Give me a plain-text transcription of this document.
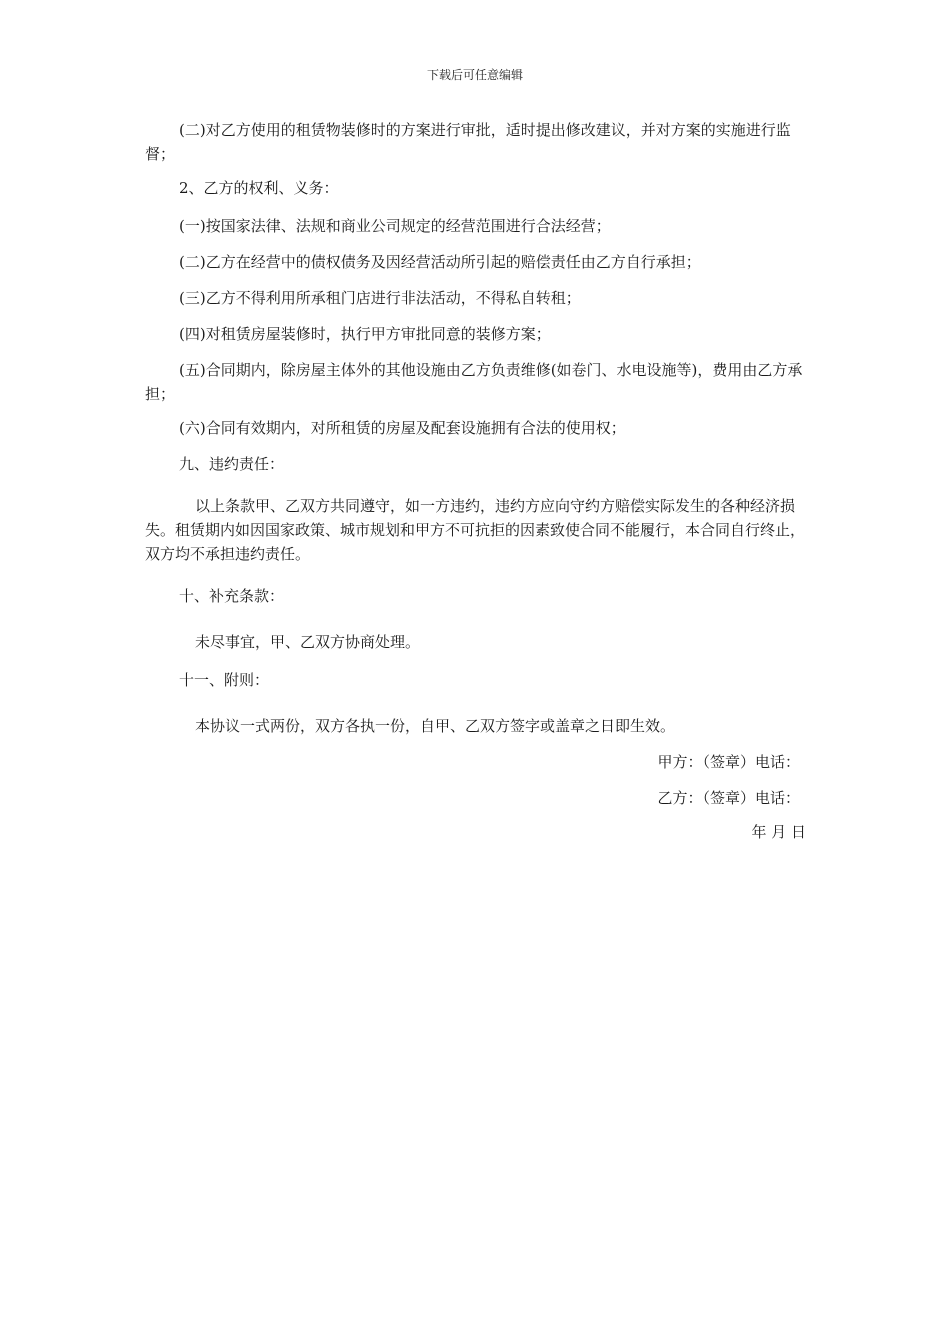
下载后可任意编辑

(二)对乙方使用的租赁物装修时的方案进行审批，适时提出修改建议，并对方案的实施进行监督；

2、乙方的权利、义务：

(一)按国家法律、法规和商业公司规定的经营范围进行合法经营；

(二)乙方在经营中的债权债务及因经营活动所引起的赔偿责任由乙方自行承担；

(三)乙方不得利用所承租门店进行非法活动，不得私自转租；

(四)对租赁房屋装修时，执行甲方审批同意的装修方案；

(五)合同期内，除房屋主体外的其他设施由乙方负责维修(如卷门、水电设施等)，费用由乙方承担；

(六)合同有效期内，对所租赁的房屋及配套设施拥有合法的使用权；

九、违约责任：

以上条款甲、乙双方共同遵守，如一方违约，违约方应向守约方赔偿实际发生的各种经济损失。租赁期内如因国家政策、城市规划和甲方不可抗拒的因素致使合同不能履行，本合同自行终止，双方均不承担违约责任。

十、补充条款：

未尽事宜，甲、乙双方协商处理。

十一、附则：

本协议一式两份，双方各执一份，自甲、乙双方签字或盖章之日即生效。

甲方：（签章）电话：

乙方：（签章）电话：

年 月 日
